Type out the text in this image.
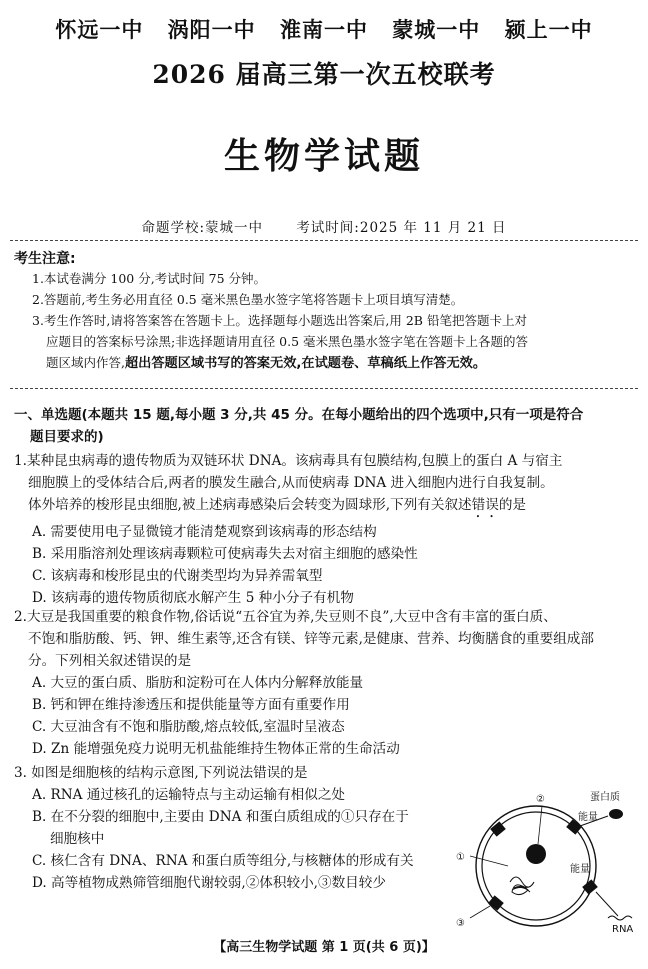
怀远一中 涡阳一中 淮南一中 蒙城一中 颍上一中
2026 届高三第一次五校联考
生物学试题
命题学校:蒙城一中 考试时间:2025 年 11 月 21 日
考生注意:
1.本试卷满分 100 分,考试时间 75 分钟。
2.答题前,考生务必用直径 0.5 毫米黑色墨水签字笔将答题卡上项目填写清楚。
3.考生作答时,请将答案答在答题卡上。选择题每小题选出答案后,用 2B 铅笔把答题卡上对
应题目的答案标号涂黑;非选择题请用直径 0.5 毫米黑色墨水签字笔在答题卡上各题的答
题区域内作答,超出答题区域书写的答案无效,在试题卷、草稿纸上作答无效。
一、单选题(本题共 15 题,每小题 3 分,共 45 分。在每小题给出的四个选项中,只有一项是符合
题目要求的)
1.某种昆虫病毒的遗传物质为双链环状 DNA。该病毒具有包膜结构,包膜上的蛋白 A 与宿主
细胞膜上的受体结合后,两者的膜发生融合,从而使病毒 DNA 进入细胞内进行自我复制。
体外培养的梭形昆虫细胞,被上述病毒感染后会转变为圆球形,下列有关叙述错误的是
A. 需要使用电子显微镜才能清楚观察到该病毒的形态结构
B. 采用脂溶剂处理该病毒颗粒可使病毒失去对宿主细胞的感染性
C. 该病毒和梭形昆虫的代谢类型均为异养需氧型
D. 该病毒的遗传物质彻底水解产生 5 种小分子有机物
2.大豆是我国重要的粮食作物,俗话说“五谷宜为养,失豆则不良”,大豆中含有丰富的蛋白质、
不饱和脂肪酸、钙、钾、维生素等,还含有镁、锌等元素,是健康、营养、均衡膳食的重要组成部
分。下列相关叙述错误的是
A. 大豆的蛋白质、脂肪和淀粉可在人体内分解释放能量
B. 钙和钾在维持渗透压和提供能量等方面有重要作用
C. 大豆油含有不饱和脂肪酸,熔点较低,室温时呈液态
D. Zn 能增强免疫力说明无机盐能维持生物体正常的生命活动
3. 如图是细胞核的结构示意图,下列说法错误的是
A. RNA 通过核孔的运输特点与主动运输有相似之处
B. 在不分裂的细胞中,主要由 DNA 和蛋白质组成的①只存在于
细胞核中
C. 核仁含有 DNA、RNA 和蛋白质等组分,与核糖体的形成有关
D. 高等植物成熟筛管细胞代谢较弱,②体积较小,③数目较少
蛋白质
能量
能量
RNA
①
②
③
【高三生物学试题 第 1 页(共 6 页)】
